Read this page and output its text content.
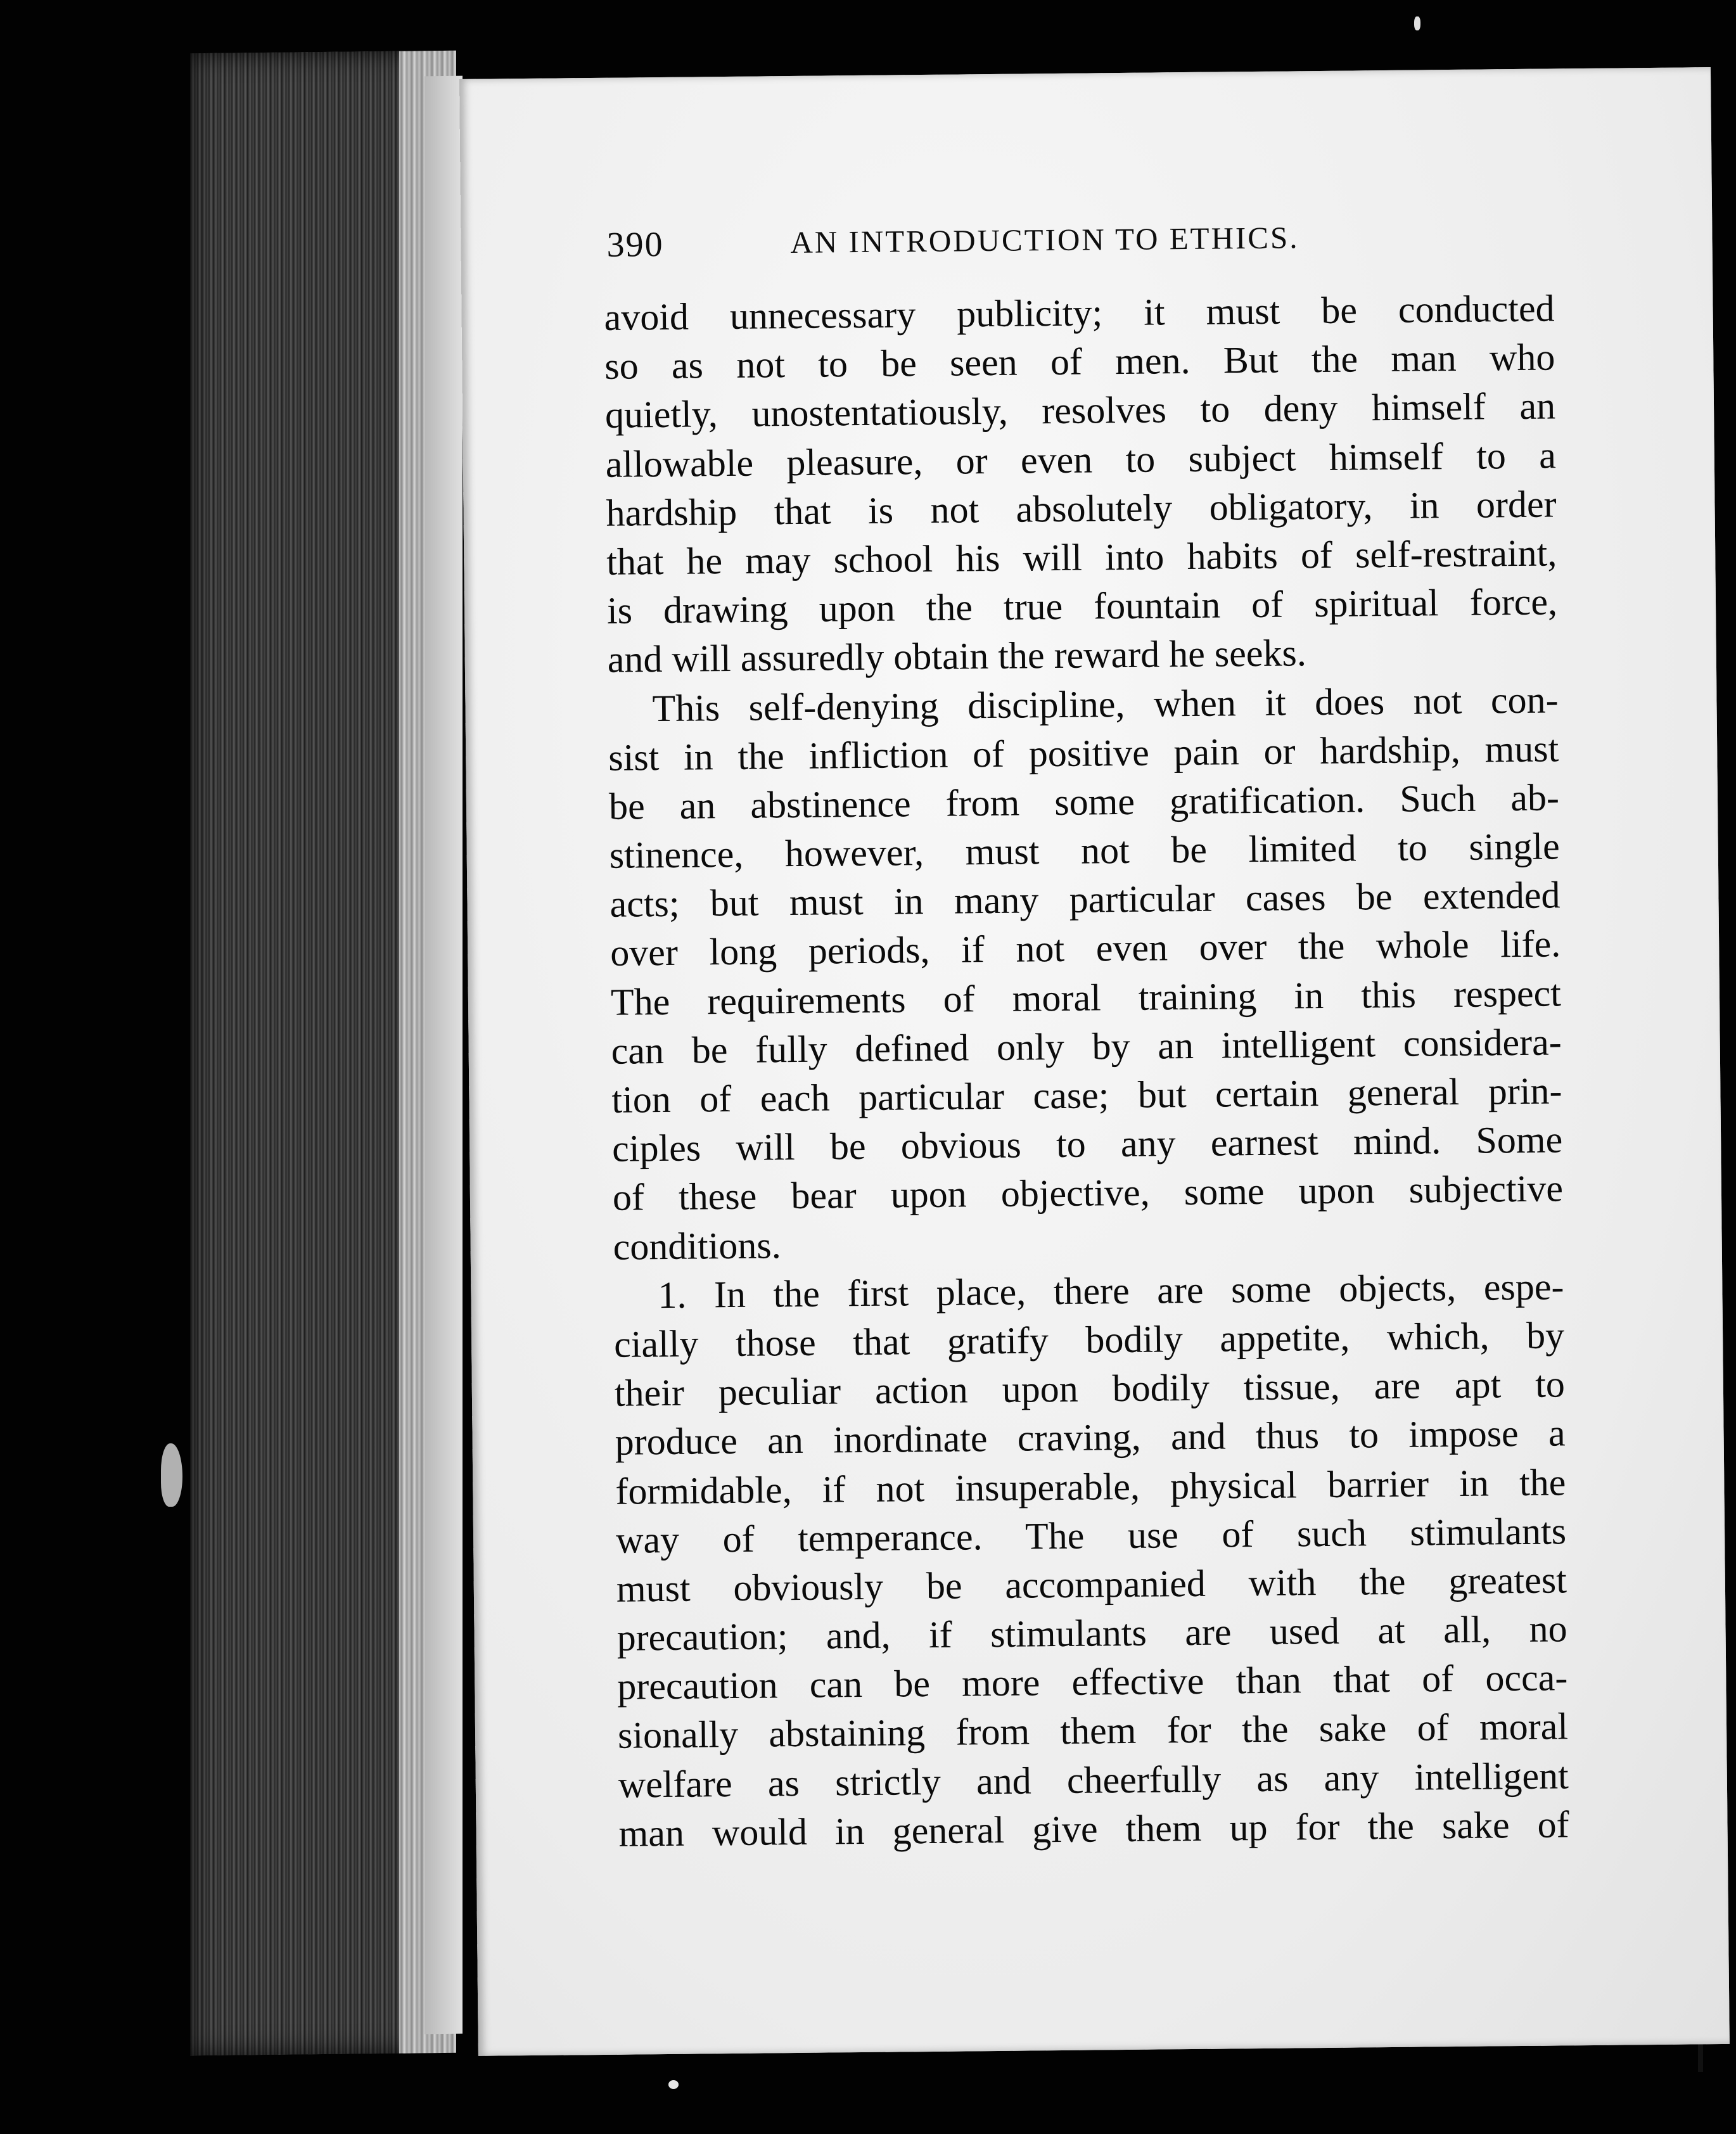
390	AN INTRODUCTION TO ETHICS.
avoid unnecessary publicity; it must be conducted
so as not to be seen of men. But the man who
quietly, unostentatiously, resolves to deny himself an
allowable pleasure, or even to subject himself to a
hardship that is not absolutely obligatory, in order
that he may school his will into habits of self-restraint,
is drawing upon the true fountain of spiritual force,
and will assuredly obtain the reward he seeks.
This self-denying discipline, when it does not con-
sist in the infliction of positive pain or hardship, must
be an abstinence from some gratification. Such ab-
stinence, however, must not be limited to single
acts; but must in many particular cases be extended
over long periods, if not even over the whole life.
The requirements of moral training in this respect
can be fully defined only by an intelligent considera-
tion of each particular case; but certain general prin-
ciples will be obvious to any earnest mind. Some
of these bear upon objective, some upon subjective
conditions.
1. In the first place, there are some objects, espe-
cially those that gratify bodily appetite, which, by
their peculiar action upon bodily tissue, are apt to
produce an inordinate craving, and thus to impose a
formidable, if not insuperable, physical barrier in the
way of temperance. The use of such stimulants
must obviously be accompanied with the greatest
precaution; and, if stimulants are used at all, no
precaution can be more effective than that of occa-
sionally abstaining from them for the sake of moral
welfare as strictly and cheerfully as any intelligent
man would in general give them up for the sake of
